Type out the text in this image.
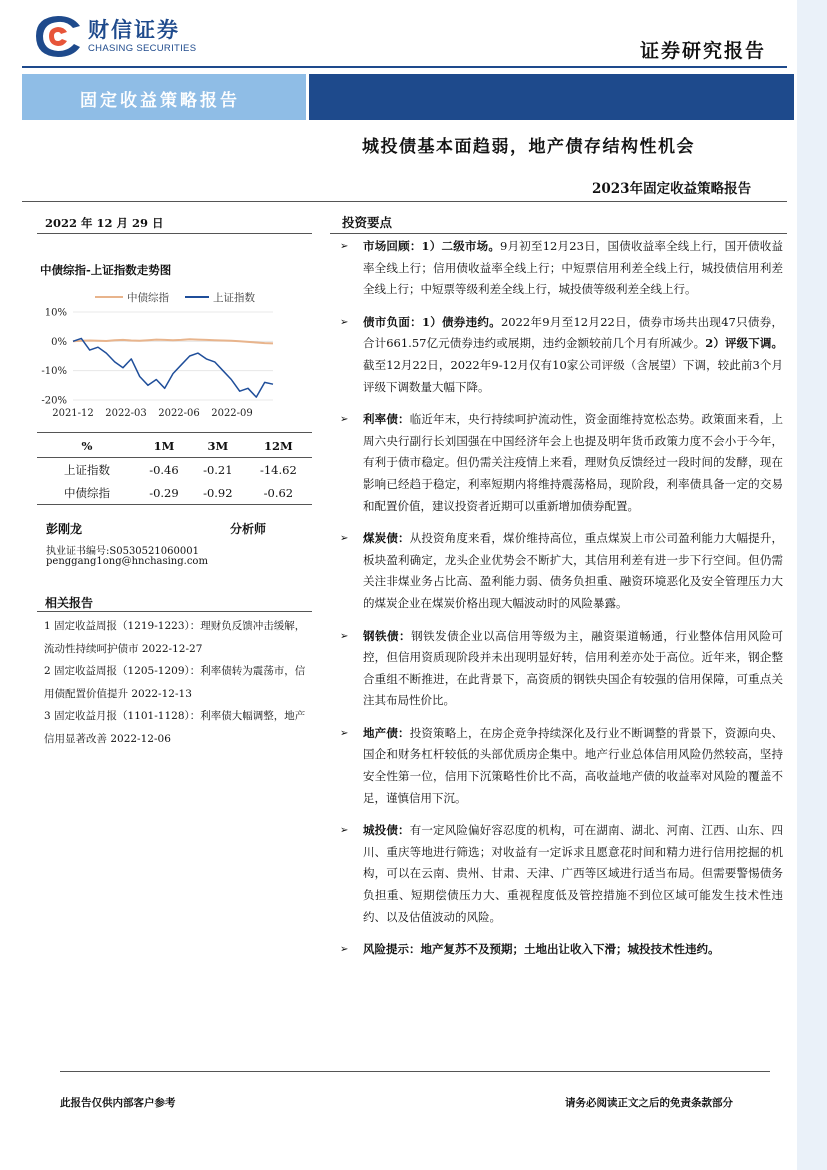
财信证券
CHASING SECURITIES	证券研究报告
固定收益策略报告
城投债基本面趋弱，地产债存结构性机会
2023年固定收益策略报告
2022 年 12 月 29 日
中债综指-上证指数走势图
中债综指	上证指数
10%
0%
-10%
-20%
2021-12 2022-03 2022-06 2022-09
%	1M	3M	12M
上证指数	-0.46	-0.21	-14.62
中债综指	-0.29	-0.92	-0.62
彭刚龙	分析师
执业证书编号:S0530521060001
penggang1ong@hnchasing.com
相关报告

1 固定收益周报（1219-1223）：理财负反馈冲击缓解，流动性持续呵护债市 2022-12-27

2 固定收益周报（1205-1209）：利率债转为震荡市，信用债配置价值提升 2022-12-13

3 固定收益月报（1101-1128）：利率债大幅调整，地产信用显著改善 2022-12-06

投资要点
➢ 市场回顾：1）二级市场。9月初至12月23日，国债收益率全线上行，国开债收益率全线上行；信用债收益率全线上行；中短票信用利差全线上行，城投债信用利差全线上行；中短票等级利差全线上行，城投债等级利差全线上行。
➢ 债市负面：1）债券违约。2022年9月至12月22日，债券市场共出现47只债券，合计661.57亿元债券违约或展期，违约金额较前几个月有所减少。2）评级下调。截至12月22日，2022年9-12月仅有10家公司评级（含展望）下调，较此前3个月评级下调数量大幅下降。
➢ 利率债：临近年末，央行持续呵护流动性，资金面维持宽松态势。政策面来看，上周六央行副行长刘国强在中国经济年会上也提及明年货币政策力度不会小于今年，有利于债市稳定。但仍需关注疫情上来看，理财负反馈经过一段时间的发酵，现在影响已经趋于稳定，利率短期内将维持震荡格局，现阶段，利率债具备一定的交易和配置价值，建议投资者近期可以重新增加债券配置。
➢ 煤炭债：从投资角度来看，煤价维持高位，重点煤炭上市公司盈利能力大幅提升，板块盈利确定，龙头企业优势会不断扩大，其信用利差有进一步下行空间。但仍需关注非煤业务占比高、盈利能力弱、债务负担重、融资环境恶化及安全管理压力大的煤炭企业在煤炭价格出现大幅波动时的风险暴露。
➢ 钢铁债：钢铁发债企业以高信用等级为主，融资渠道畅通，行业整体信用风险可控，但信用资质现阶段并未出现明显好转，信用利差亦处于高位。近年来，钢企整合重组不断推进，在此背景下，高资质的钢铁央国企有较强的信用保障，可重点关注其布局性价比。
➢ 地产债：投资策略上，在房企竞争持续深化及行业不断调整的背景下，资源向央、国企和财务杠杆较低的头部优质房企集中。地产行业总体信用风险仍然较高，坚持安全性第一位，信用下沉策略性价比不高，高收益地产债的收益率对风险的覆盖不足，谨慎信用下沉。
➢ 城投债：有一定风险偏好容忍度的机构，可在湖南、湖北、河南、江西、山东、四川、重庆等地进行筛选；对收益有一定诉求且愿意花时间和精力进行信用挖掘的机构，可以在云南、贵州、甘肃、天津、广西等区域进行适当布局。但需要警惕债务负担重、短期偿债压力大、重视程度低及管控措施不到位区域可能发生技术性违约、以及估值波动的风险。
➢ 风险提示：地产复苏不及预期；土地出让收入下滑；城投技术性违约。
此报告仅供内部客户参考	请务必阅读正文之后的免责条款部分
